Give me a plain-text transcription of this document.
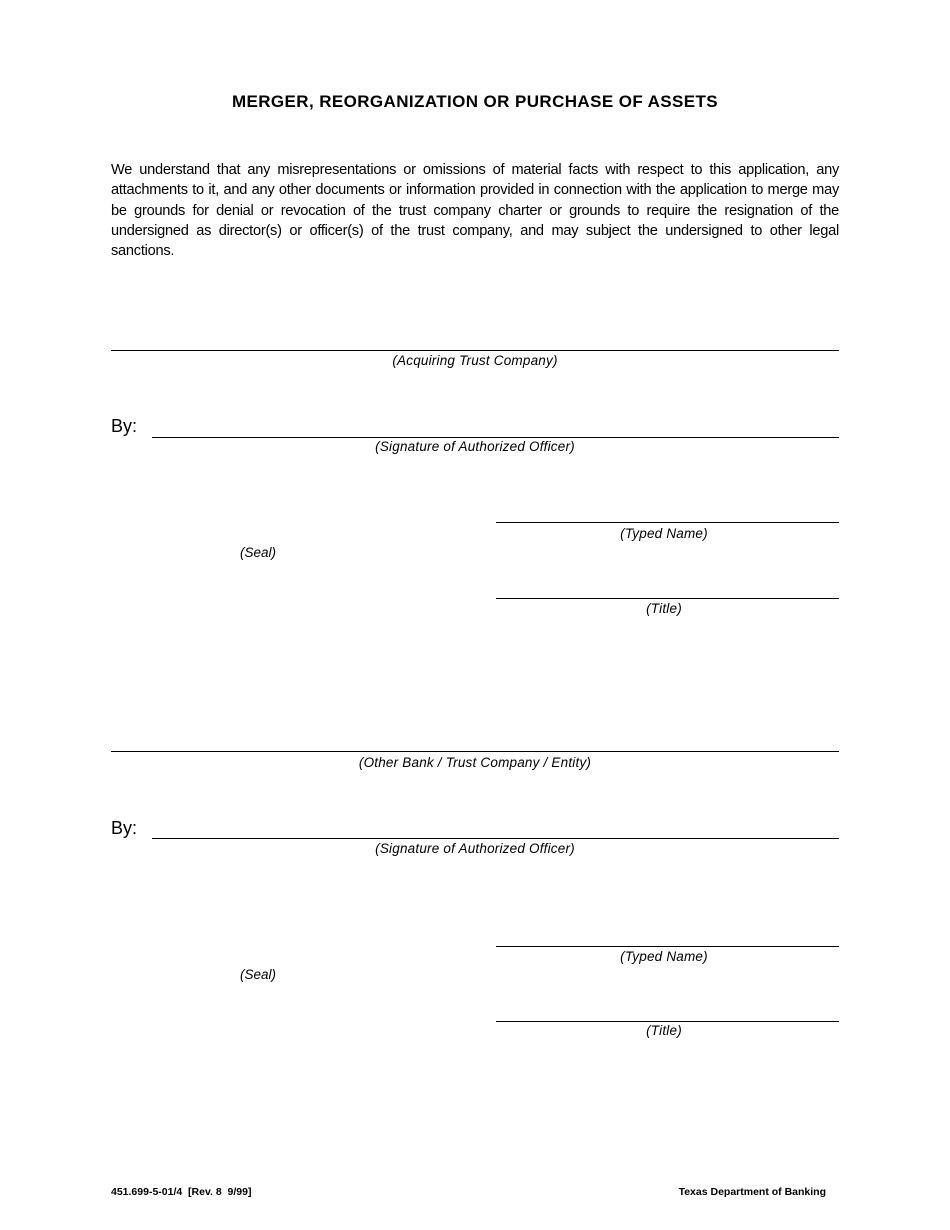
MERGER, REORGANIZATION OR PURCHASE OF ASSETS
We understand that any misrepresentations or omissions of material facts with respect to this application, any attachments to it, and any other documents or information provided in connection with the application to merge may be grounds for denial or revocation of the trust company charter or grounds to require the resignation of the undersigned as director(s) or officer(s) of the trust company, and may subject the undersigned to other legal sanctions.
(Acquiring Trust Company)
By:
(Signature of Authorized Officer)
(Typed Name)
(Seal)
(Title)
(Other Bank / Trust Company / Entity)
By:
(Signature of Authorized Officer)
(Typed Name)
(Seal)
(Title)
451.699-5-01/4  [Rev. 8  9/99]	Texas Department of Banking
